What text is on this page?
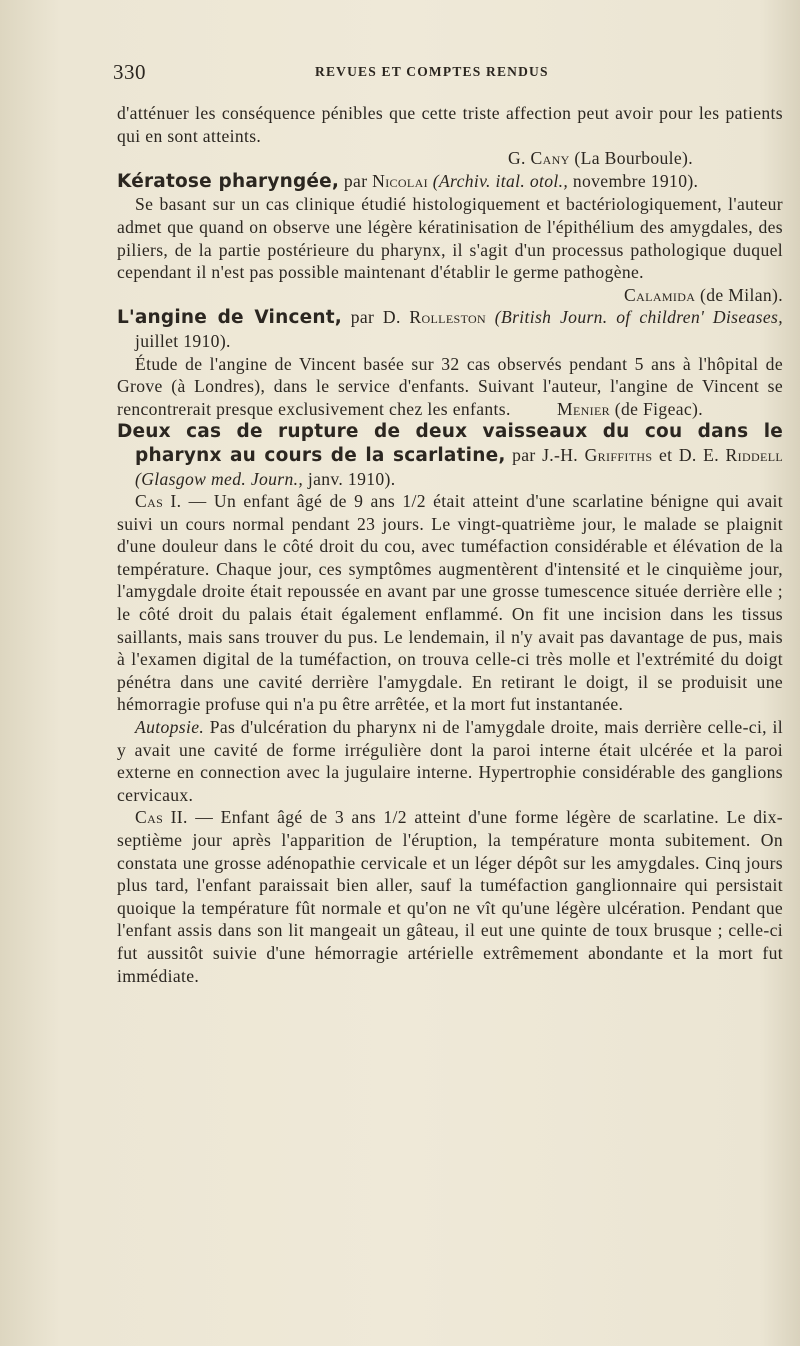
330	REVUES ET COMPTES RENDUS

d'atténuer les conséquence pénibles que cette triste affection peut avoir pour les patients qui en sont atteints.

G. Cany (La Bourboule).

Kératose pharyngée, par Nicolai (Archiv. ital. otol., novembre 1910).

Se basant sur un cas clinique étudié histologiquement et bactériologiquement, l'auteur admet que quand on observe une légère kératinisation de l'épithélium des amygdales, des piliers, de la partie postérieure du pharynx, il s'agit d'un processus pathologique duquel cependant il n'est pas possible maintenant d'établir le germe pathogène.
Calamida (de Milan).

L'angine de Vincent, par D. Rolleston (British Journ. of children' Diseases, juillet 1910).

Étude de l'angine de Vincent basée sur 32 cas observés pendant 5 ans à l'hôpital de Grove (à Londres), dans le service d'enfants. Suivant l'auteur, l'angine de Vincent se rencontrerait presque exclusivement chez les enfants.	Menier (de Figeac).

Deux cas de rupture de deux vaisseaux du cou dans le pharynx au cours de la scarlatine, par J.-H. Griffiths et D. E. Riddell (Glasgow med. Journ., janv. 1910).

Cas I. — Un enfant âgé de 9 ans 1/2 était atteint d'une scarlatine bénigne qui avait suivi un cours normal pendant 23 jours. Le vingt-quatrième jour, le malade se plaignit d'une douleur dans le côté droit du cou, avec tuméfaction considérable et élévation de la température. Chaque jour, ces symptômes augmentèrent d'intensité et le cinquième jour, l'amygdale droite était repoussée en avant par une grosse tumescence située derrière elle ; le côté droit du palais était également enflammé. On fit une incision dans les tissus saillants, mais sans trouver du pus. Le lendemain, il n'y avait pas davantage de pus, mais à l'examen digital de la tuméfaction, on trouva celle-ci très molle et l'extrémité du doigt pénétra dans une cavité derrière l'amygdale. En retirant le doigt, il se produisit une hémorragie profuse qui n'a pu être arrêtée, et la mort fut instantanée.

Autopsie. Pas d'ulcération du pharynx ni de l'amygdale droite, mais derrière celle-ci, il y avait une cavité de forme irrégulière dont la paroi interne était ulcérée et la paroi externe en connection avec la jugulaire interne. Hypertrophie considérable des ganglions cervicaux.

Cas II. — Enfant âgé de 3 ans 1/2 atteint d'une forme légère de scarlatine. Le dix-septième jour après l'apparition de l'éruption, la température monta subitement. On constata une grosse adénopathie cervicale et un léger dépôt sur les amygdales. Cinq jours plus tard, l'enfant paraissait bien aller, sauf la tuméfaction ganglionnaire qui persistait quoique la température fût normale et qu'on ne vît qu'une légère ulcération. Pendant que l'enfant assis dans son lit mangeait un gâteau, il eut une quinte de toux brusque ; celle-ci fut aussitôt suivie d'une hémorragie artérielle extrêmement abondante et la mort fut immédiate.
